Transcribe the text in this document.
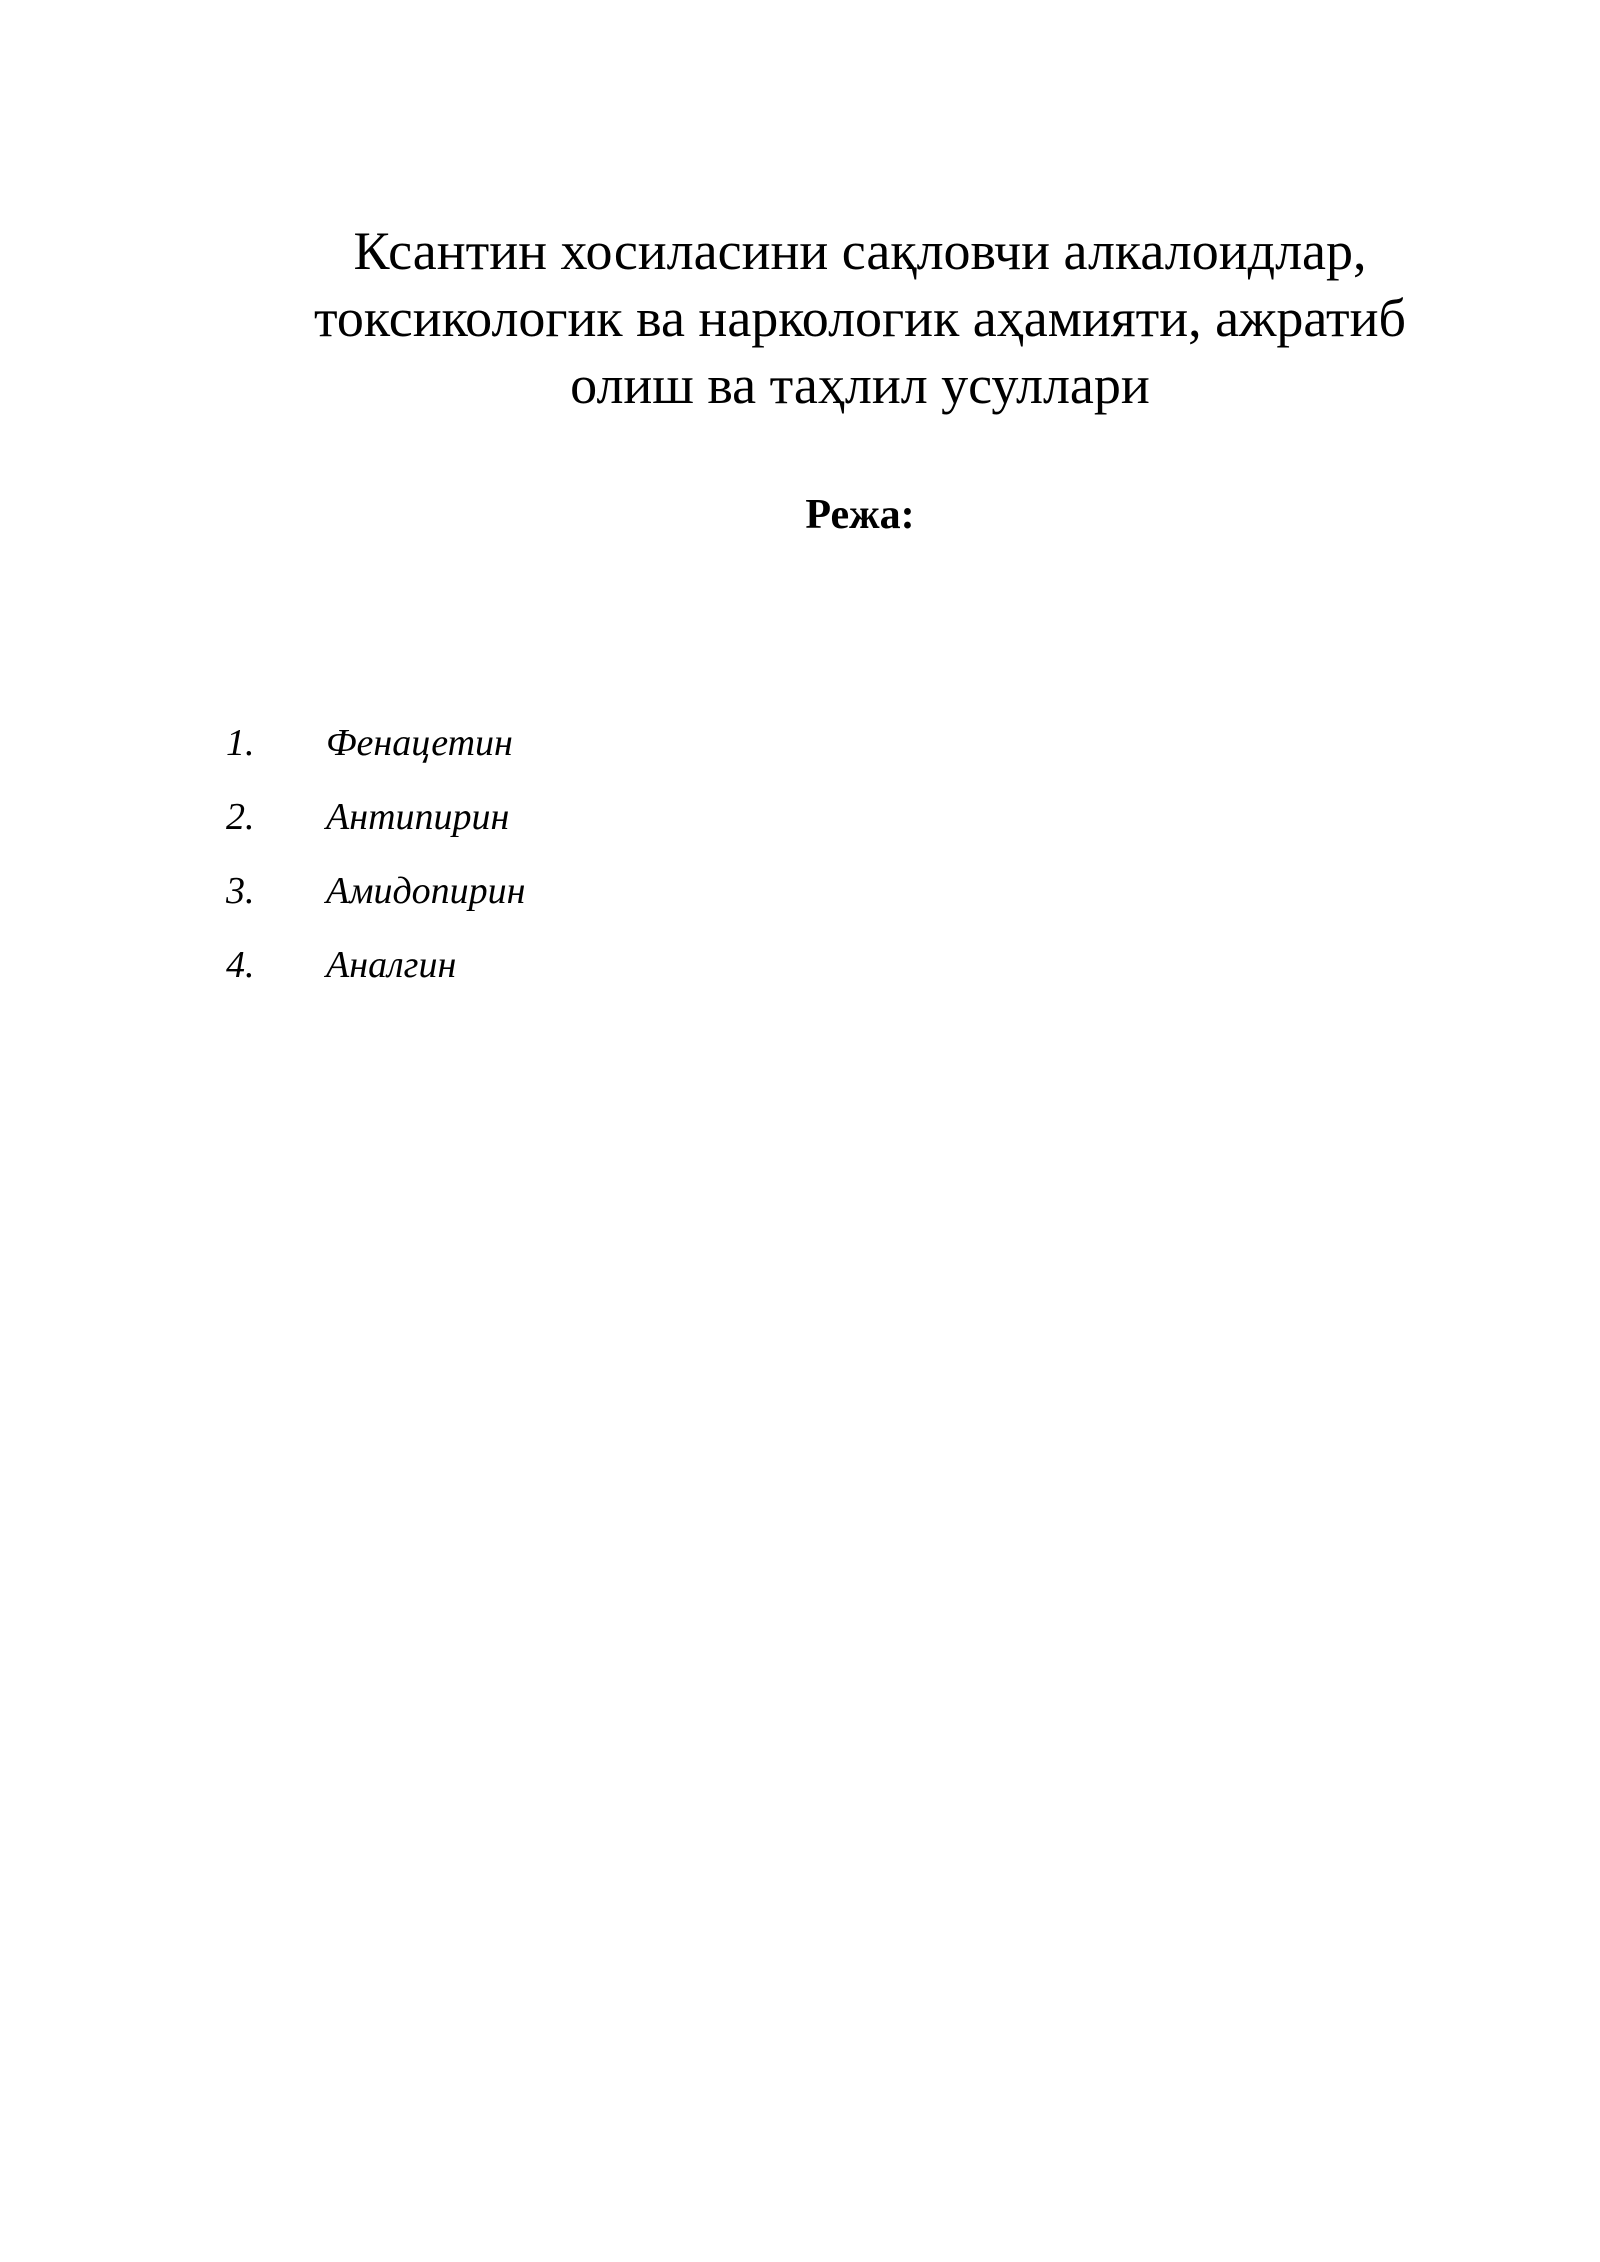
Ксантин хосиласини сақловчи алкалоидлар,
токсикологик ва наркологик аҳамияти, ажратиб
олиш ва таҳлил усуллари
Режа:
1.	Фенацетин
2.	Антипирин
3.	Амидопирин
4.	Аналгин
